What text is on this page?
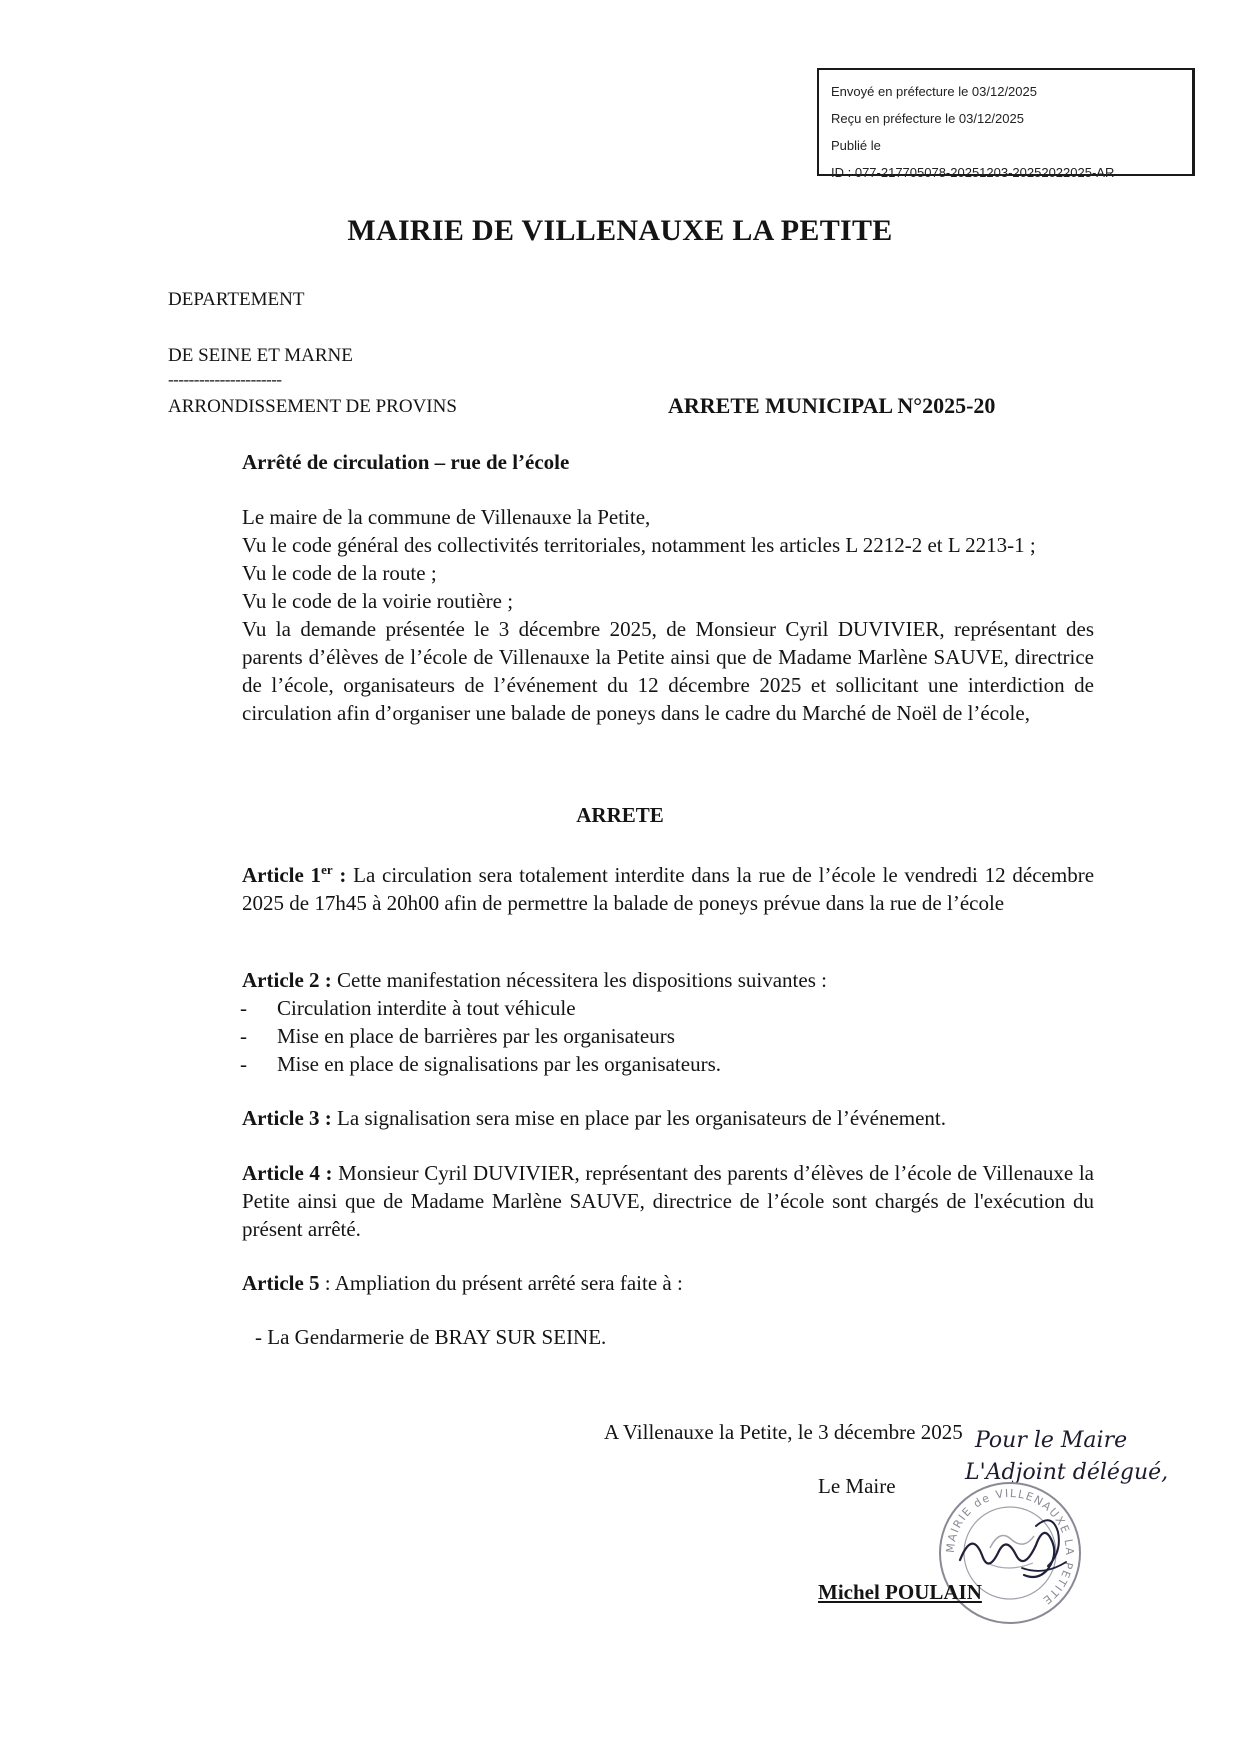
Envoyé en préfecture le 03/12/2025
Reçu en préfecture le 03/12/2025
Publié le
ID : 077-217705078-20251203-20252022025-AR
MAIRIE DE VILLENAUXE LA PETITE
DEPARTEMENT
DE SEINE ET MARNE
----------------------
ARRONDISSEMENT DE PROVINS	ARRETE MUNICIPAL N°2025-20
Arrêté de circulation – rue de l’école
Le maire de la commune de Villenauxe la Petite,
Vu le code général des collectivités territoriales, notamment les articles L 2212-2 et L 2213-1 ;
Vu le code de la route ;
Vu le code de la voirie routière ;
Vu la demande présentée le 3 décembre 2025, de Monsieur Cyril DUVIVIER, représentant des parents d’élèves de l’école de Villenauxe la Petite ainsi que de Madame Marlène SAUVE, directrice de l’école, organisateurs de l’événement du 12 décembre 2025 et sollicitant une interdiction de circulation afin d’organiser une balade de poneys dans le cadre du Marché de Noël de l’école,
ARRETE
Article 1er : La circulation sera totalement interdite dans la rue de l’école le vendredi 12 décembre 2025 de 17h45 à 20h00 afin de permettre la balade de poneys prévue dans la rue de l’école
Article 2 : Cette manifestation nécessitera les dispositions suivantes :
- Circulation interdite à tout véhicule
- Mise en place de barrières par les organisateurs
- Mise en place de signalisations par les organisateurs.
Article 3 : La signalisation sera mise en place par les organisateurs de l’événement.
Article 4 : Monsieur Cyril DUVIVIER, représentant des parents d’élèves de l’école de Villenauxe la Petite ainsi que de Madame Marlène SAUVE, directrice de l’école sont chargés de l'exécution du présent arrêté.
Article 5 : Ampliation du présent arrêté sera faite à :
- La Gendarmerie de BRAY SUR SEINE.
A Villenauxe la Petite, le 3 décembre 2025
Le Maire
Pour le Maire
L'Adjoint délégué,
MAIRIE de VILLENAUXE LA PETITE
Michel POULAIN
